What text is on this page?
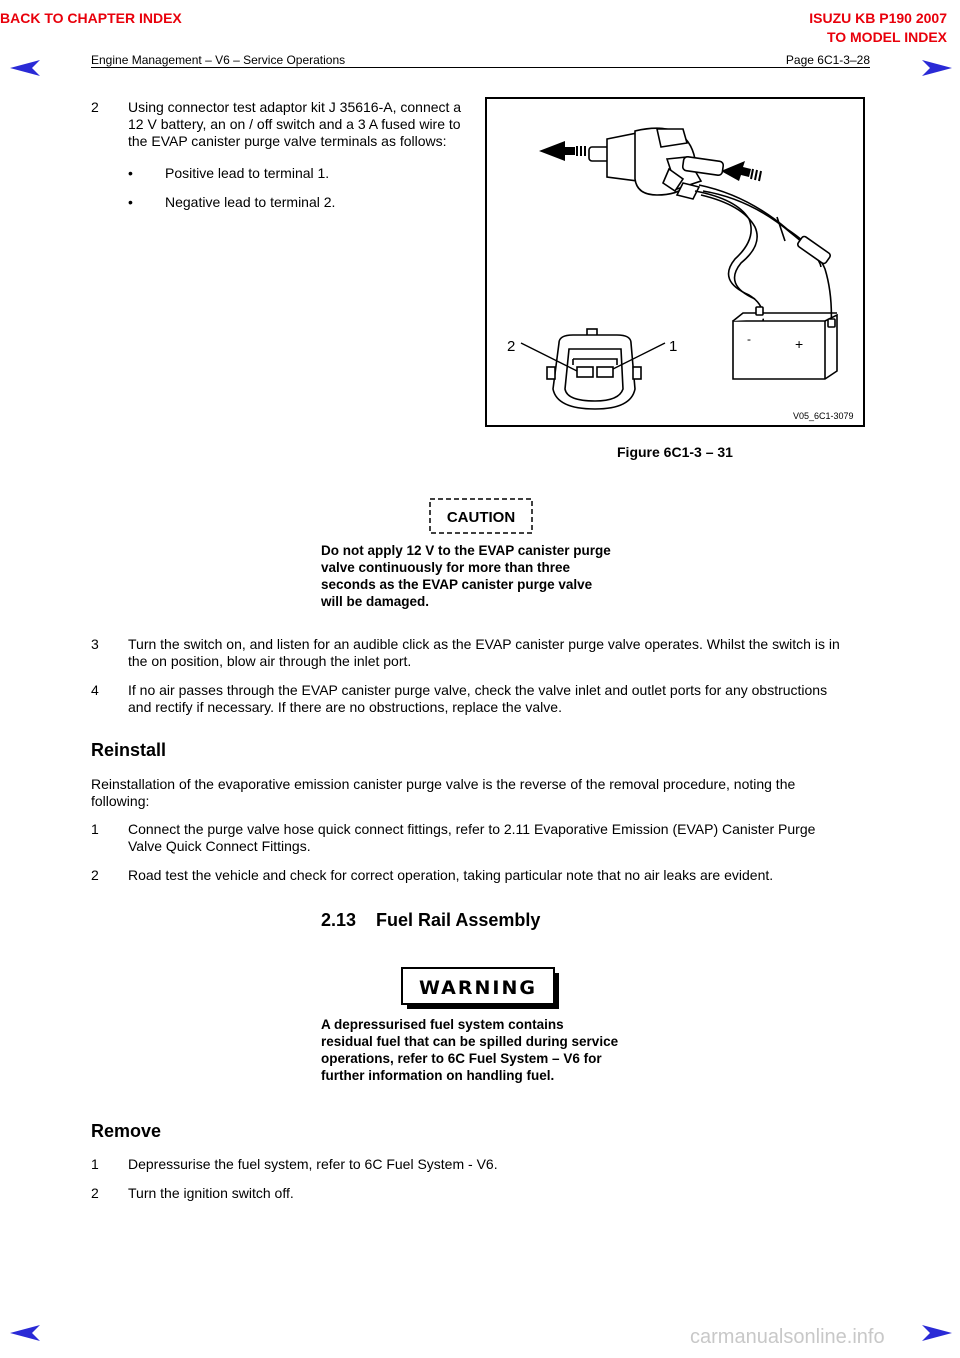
BACK TO CHAPTER INDEX	ISUZU KB P190 2007
TO MODEL INDEX
Engine Management – V6 – Service Operations	Page 6C1-3–28
2 Using connector test adaptor kit J 35616-A, connect a
12 V battery, an on / off switch and a 3 A fused wire to
the EVAP canister purge valve terminals as follows:
• Positive lead to terminal 1.
• Negative lead to terminal 2.
-	+
2	1
V05_6C1-3079
Figure 6C1-3 – 31
CAUTION
Do not apply 12 V to the EVAP canister purge
valve continuously for more than three
seconds as the EVAP canister purge valve
will be damaged.
3 Turn the switch on, and listen for an audible click as the EVAP canister purge valve operates. Whilst the switch is in
the on position, blow air through the inlet port.
4 If no air passes through the EVAP canister purge valve, check the valve inlet and outlet ports for any obstructions
and rectify if necessary. If there are no obstructions, replace the valve.
Reinstall
Reinstallation of the evaporative emission canister purge valve is the reverse of the removal procedure, noting the
following:
1 Connect the purge valve hose quick connect fittings, refer to 2.11 Evaporative Emission (EVAP) Canister Purge
Valve Quick Connect Fittings.
2 Road test the vehicle and check for correct operation, taking particular note that no air leaks are evident.
2.13 Fuel Rail Assembly
WARNING
A depressurised fuel system contains
residual fuel that can be spilled during service
operations, refer to 6C Fuel System – V6 for
further information on handling fuel.
Remove
1 Depressurise the fuel system, refer to 6C Fuel System - V6.
2 Turn the ignition switch off.
carmanualsonline.info
